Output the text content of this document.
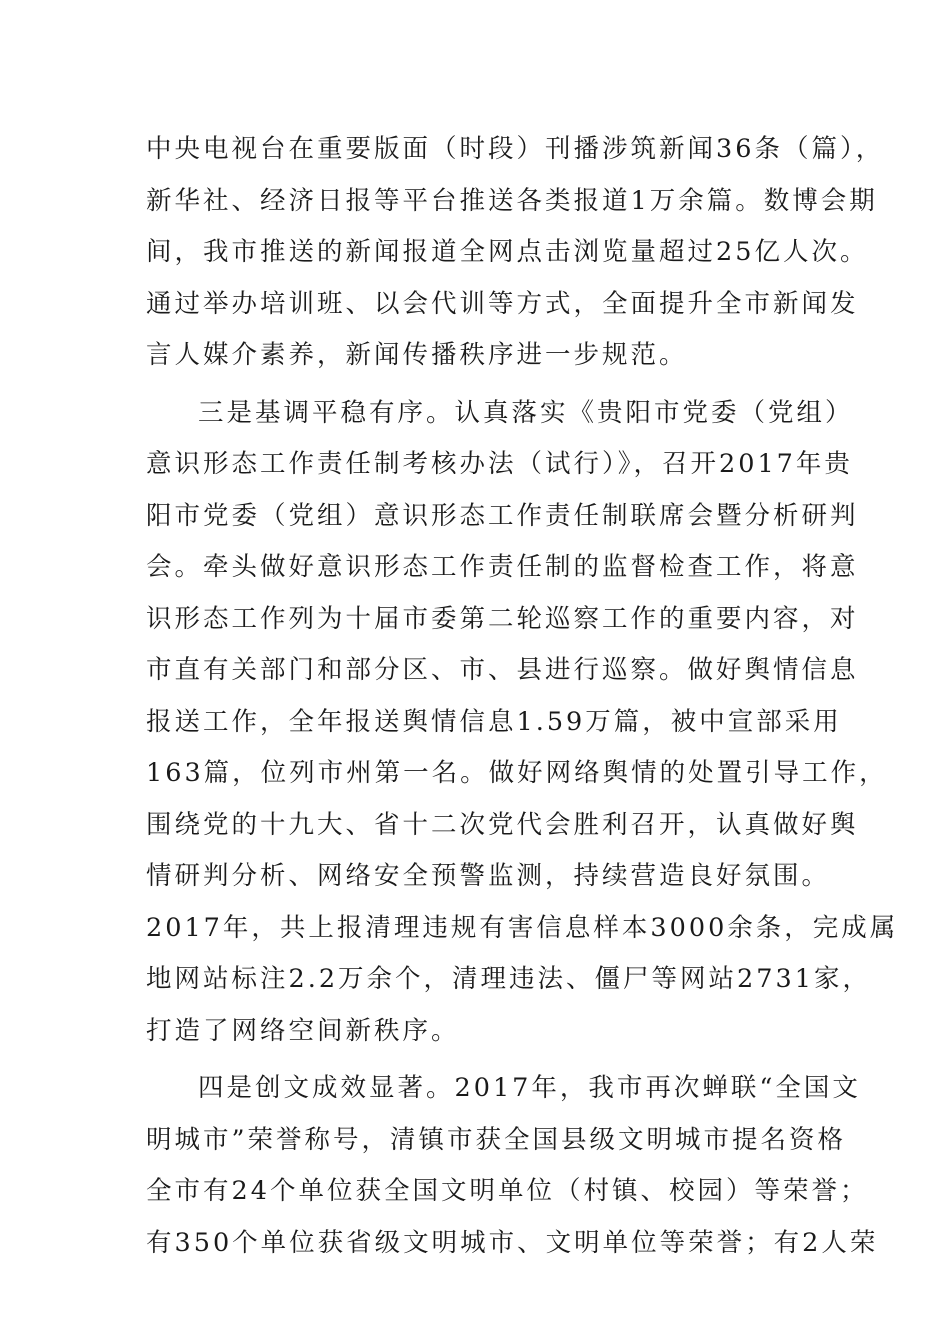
中央电视台在重要版面（时段）刊播涉筑新闻36条（篇），
新华社、经济日报等平台推送各类报道1万余篇。数博会期
间，我市推送的新闻报道全网点击浏览量超过25亿人次。
通过举办培训班、以会代训等方式，全面提升全市新闻发
言人媒介素养，新闻传播秩序进一步规范。
三是基调平稳有序。认真落实《贵阳市党委（党组）
意识形态工作责任制考核办法（试行）》，召开2017年贵
阳市党委（党组）意识形态工作责任制联席会暨分析研判
会。牵头做好意识形态工作责任制的监督检查工作，将意
识形态工作列为十届市委第二轮巡察工作的重要内容，对
市直有关部门和部分区、市、县进行巡察。做好舆情信息
报送工作，全年报送舆情信息1.59万篇，被中宣部采用
163篇，位列市州第一名。做好网络舆情的处置引导工作，
围绕党的十九大、省十二次党代会胜利召开，认真做好舆
情研判分析、网络安全预警监测，持续营造良好氛围。
2017年，共上报清理违规有害信息样本3000余条，完成属
地网站标注2.2万余个，清理违法、僵尸等网站2731家，
打造了网络空间新秩序。
四是创文成效显著。2017年，我市再次蝉联“全国文
明城市”荣誉称号，清镇市获全国县级文明城市提名资格
全市有24个单位获全国文明单位（村镇、校园）等荣誉；
有350个单位获省级文明城市、文明单位等荣誉；有2人荣
